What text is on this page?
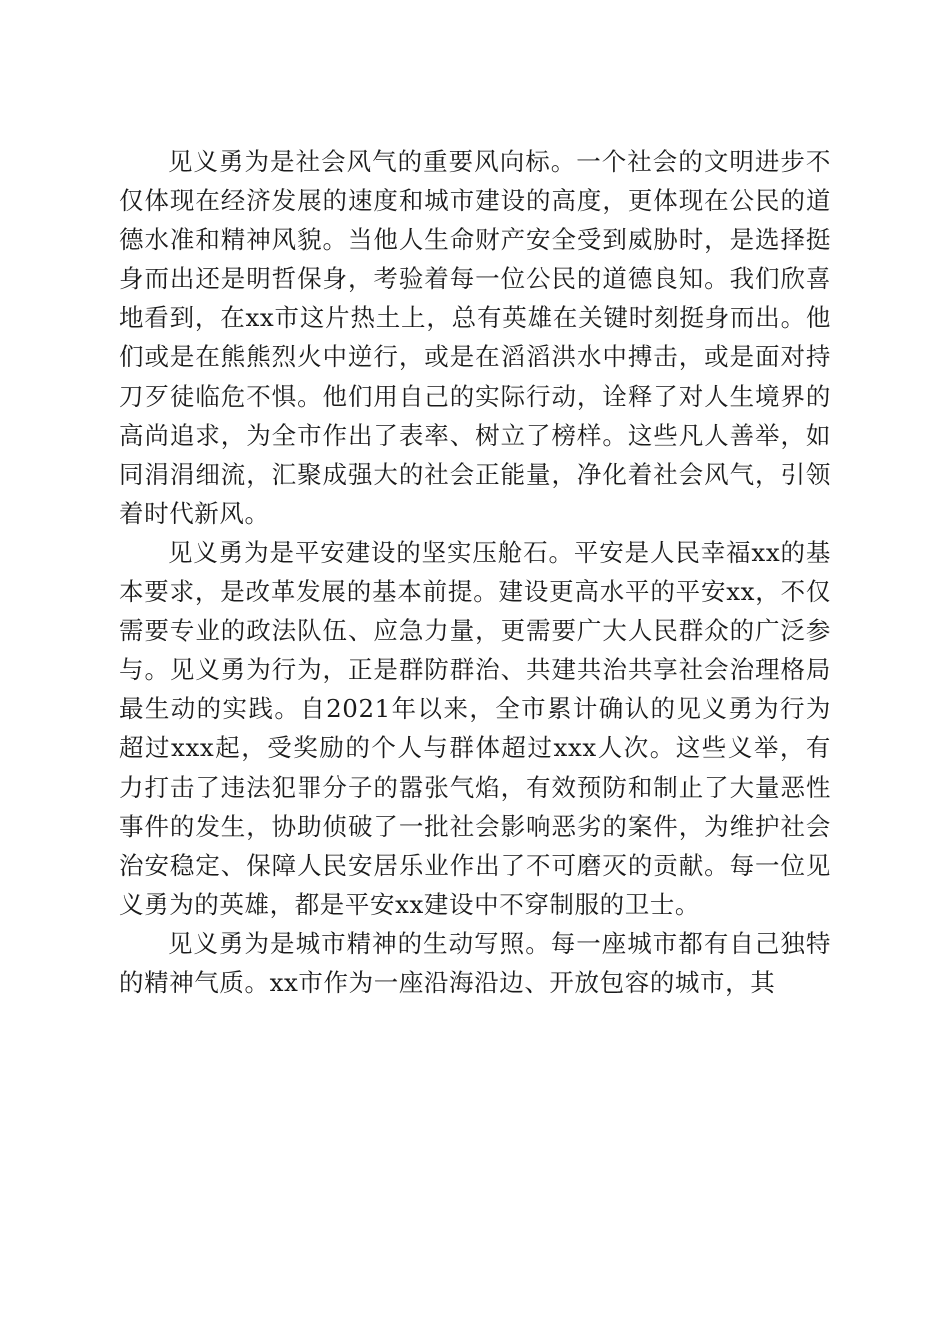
见义勇为是社会风气的重要风向标。一个社会的文明进步不仅体现在经济发展的速度和城市建设的高度，更体现在公民的道德水准和精神风貌。当他人生命财产安全受到威胁时，是选择挺身而出还是明哲保身，考验着每一位公民的道德良知。我们欣喜地看到，在xx市这片热土上，总有英雄在关键时刻挺身而出。他们或是在熊熊烈火中逆行，或是在滔滔洪水中搏击，或是面对持刀歹徒临危不惧。他们用自己的实际行动，诠释了对人生境界的高尚追求，为全市作出了表率、树立了榜样。这些凡人善举，如同涓涓细流，汇聚成强大的社会正能量，净化着社会风气，引领着时代新风。

见义勇为是平安建设的坚实压舱石。平安是人民幸福xx的基本要求，是改革发展的基本前提。建设更高水平的平安xx，不仅需要专业的政法队伍、应急力量，更需要广大人民群众的广泛参与。见义勇为行为，正是群防群治、共建共治共享社会治理格局最生动的实践。自2021年以来，全市累计确认的见义勇为行为超过xxx起，受奖励的个人与群体超过xxx人次。这些义举，有力打击了违法犯罪分子的嚣张气焰，有效预防和制止了大量恶性事件的发生，协助侦破了一批社会影响恶劣的案件，为维护社会治安稳定、保障人民安居乐业作出了不可磨灭的贡献。每一位见义勇为的英雄，都是平安xx建设中不穿制服的卫士。

见义勇为是城市精神的生动写照。每一座城市都有自己独特的精神气质。xx市作为一座沿海沿边、开放包容的城市，其
